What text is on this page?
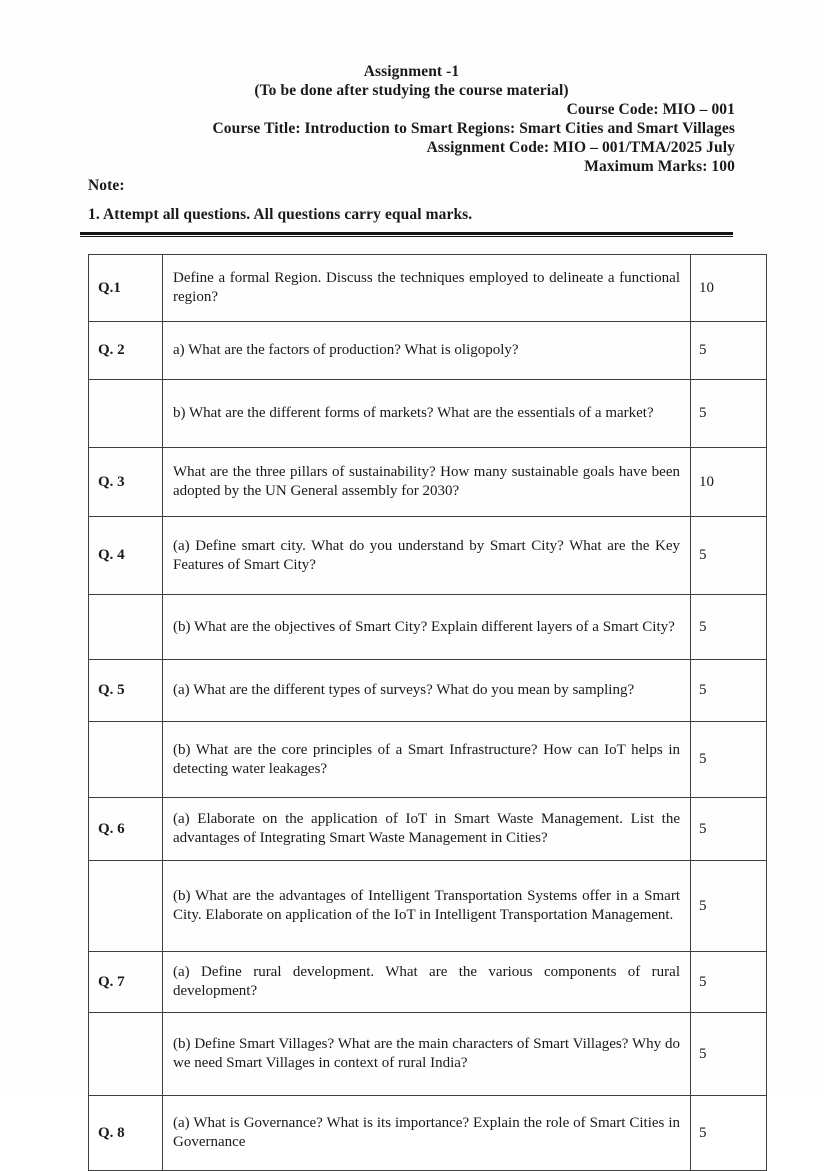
Assignment -1
(To be done after studying the course material)
Course Code: MIO – 001
Course Title: Introduction to Smart Regions: Smart Cities and Smart Villages
Assignment Code: MIO – 001/TMA/2025 July
Maximum Marks: 100
Note:
1. Attempt all questions. All questions carry equal marks.
Q.1	Define a formal Region. Discuss the techniques employed to delineate a functional region?	10
Q. 2	a) What are the factors of production? What is oligopoly?	5
	b) What are the different forms of markets? What are the essentials of a market?	5
Q. 3	What are the three pillars of sustainability? How many sustainable goals have been adopted by the UN General assembly for 2030?	10
Q. 4	(a) Define smart city. What do you understand by Smart City? What are the Key Features of Smart City?	5
	(b) What are the objectives of Smart City? Explain different layers of a Smart City?	5
Q. 5	(a) What are the different types of surveys? What do you mean by sampling?	5
	(b) What are the core principles of a Smart Infrastructure? How can IoT helps in detecting water leakages?	5
Q. 6	(a) Elaborate on the application of IoT in Smart Waste Management. List the advantages of Integrating Smart Waste Management in Cities?	5
	(b) What are the advantages of Intelligent Transportation Systems offer in a Smart City. Elaborate on application of the IoT in Intelligent Transportation Management.	5
Q. 7	(a) Define rural development. What are the various components of rural development?	5
	(b) Define Smart Villages? What are the main characters of Smart Villages? Why do we need Smart Villages in context of rural India?	5
Q. 8	(a) What is Governance? What is its importance? Explain the role of Smart Cities in Governance	5
